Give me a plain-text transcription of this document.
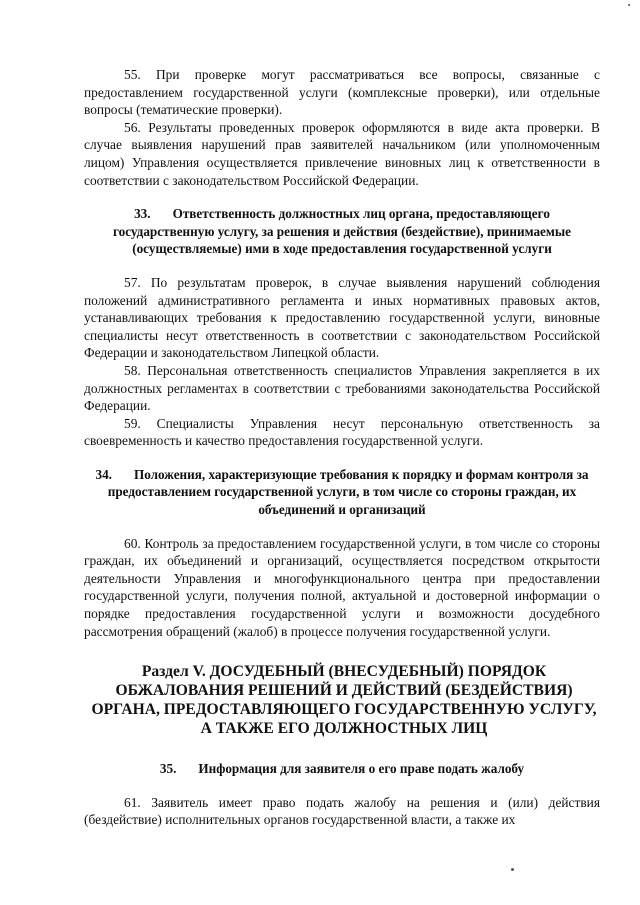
55. При проверке могут рассматриваться все вопросы, связанные с предоставлением государственной услуги (комплексные проверки), или отдельные вопросы (тематические проверки).

56. Результаты проведенных проверок оформляются в виде акта проверки. В случае выявления нарушений прав заявителей начальником (или уполномоченным лицом) Управления осуществляется привлечение виновных лиц к ответственности в соответствии с законодательством Российской Федерации.

33. Ответственность должностных лиц органа, предоставляющего государственную услугу, за решения и действия (бездействие), принимаемые (осуществляемые) ими в ходе предоставления государственной услуги

57. По результатам проверок, в случае выявления нарушений соблюдения положений административного регламента и иных нормативных правовых актов, устанавливающих требования к предоставлению государственной услуги, виновные специалисты несут ответственность в соответствии с законодательством Российской Федерации и законодательством Липецкой области.

58. Персональная ответственность специалистов Управления закрепляется в их должностных регламентах в соответствии с требованиями законодательства Российской Федерации.

59. Специалисты Управления несут персональную ответственность за своевременность и качество предоставления государственной услуги.

34. Положения, характеризующие требования к порядку и формам контроля за предоставлением государственной услуги, в том числе со стороны граждан, их объединений и организаций

60. Контроль за предоставлением государственной услуги, в том числе со стороны граждан, их объединений и организаций, осуществляется посредством открытости деятельности Управления и многофункционального центра при предоставлении государственной услуги, получения полной, актуальной и достоверной информации о порядке предоставления государственной услуги и возможности досудебного рассмотрения обращений (жалоб) в процессе получения государственной услуги.

Раздел V. ДОСУДЕБНЫЙ (ВНЕСУДЕБНЫЙ) ПОРЯДОК ОБЖАЛОВАНИЯ РЕШЕНИЙ И ДЕЙСТВИЙ (БЕЗДЕЙСТВИЯ) ОРГАНА, ПРЕДОСТАВЛЯЮЩЕГО ГОСУДАРСТВЕННУЮ УСЛУГУ, А ТАКЖЕ ЕГО ДОЛЖНОСТНЫХ ЛИЦ
35. Информация для заявителя о его праве подать жалобу

61. Заявитель имеет право подать жалобу на решения и (или) действия (бездействие) исполнительных органов государственной власти, а также их
